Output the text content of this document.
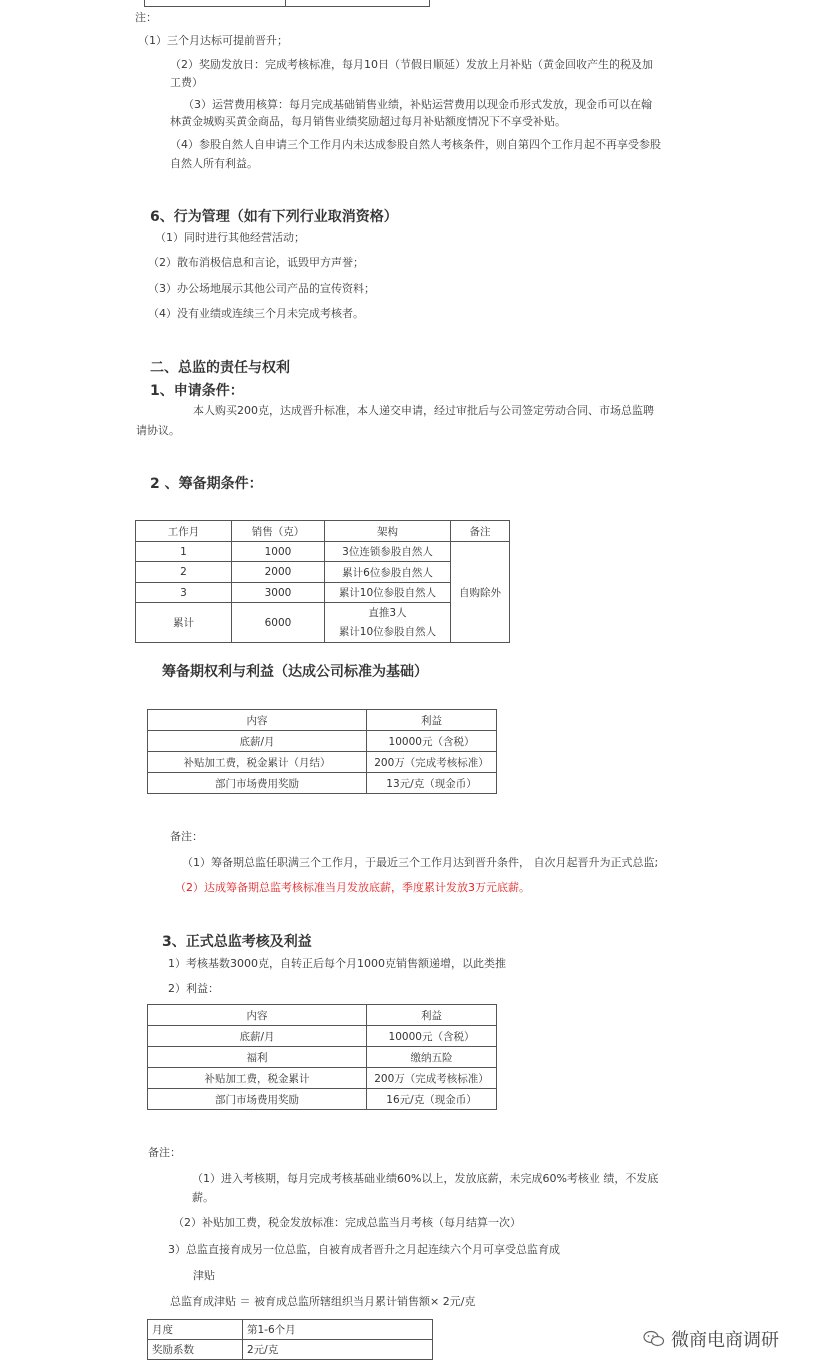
注：
（1）三个月达标可提前晋升；
（2）奖励发放日：完成考核标准，每月10日（节假日顺延）发放上月补贴（黄金回收产生的税及加
工费）
（3）运营费用核算：每月完成基础销售业绩，补贴运营费用以现金币形式发放，现金币可以在翰
林黄金城购买黄金商品，每月销售业绩奖励超过每月补贴额度情况下不享受补贴。
（4）参股自然人自申请三个工作月内未达成参股自然人考核条件，则自第四个工作月起不再享受参股
自然人所有利益。
6、行为管理（如有下列行业取消资格）
（1）同时进行其他经营活动；
（2）散布消极信息和言论，诋毁甲方声誉；
（3）办公场地展示其他公司产品的宣传资料；
（4）没有业绩或连续三个月未完成考核者。
二、总监的责任与权利
1、申请条件：
本人购买200克，达成晋升标准，本人递交申请，经过审批后与公司签定劳动合同、市场总监聘
请协议。
2 、筹备期条件：
工作月	销售（克）	架构	备注
1	1000	3位连锁参股自然人	自购除外
2	2000	累计6位参股自然人	
3	3000	累计10位参股自然人	
累计	6000	直推3人
累计10位参股自然人	
筹备期权利与利益（达成公司标准为基础）
内容	利益
底薪/月	10000元（含税）
补贴加工费，税金累计（月结）	200万（完成考核标准）
部门市场费用奖励	13元/克（现金币）
备注：
（1）筹备期总监任职满三个工作月，于最近三个工作月达到晋升条件， 自次月起晋升为正式总监;
（2）达成筹备期总监考核标准当月发放底薪，季度累计发放3万元底薪。
3、正式总监考核及利益
1）考核基数3000克，自转正后每个月1000克销售额递增，以此类推
2）利益：
内容	利益
底薪/月	10000元（含税）
福利	缴纳五险
补贴加工费，税金累计	200万（完成考核标准）
部门市场费用奖励	16元/克（现金币）
备注：
（1）进入考核期，每月完成考核基础业绩60%以上，发放底薪，未完成60%考核业 绩，不发底
薪。
（2）补贴加工费，税金发放标准：完成总监当月考核（每月结算一次）
3）总监直接育成另一位总监，自被育成者晋升之月起连续六个月可享受总监育成
津贴
总监育成津贴 ＝ 被育成总监所辖组织当月累计销售额× 2元/克
月度	第1-6个月
奖励系数	2元/克	微商电商调研
